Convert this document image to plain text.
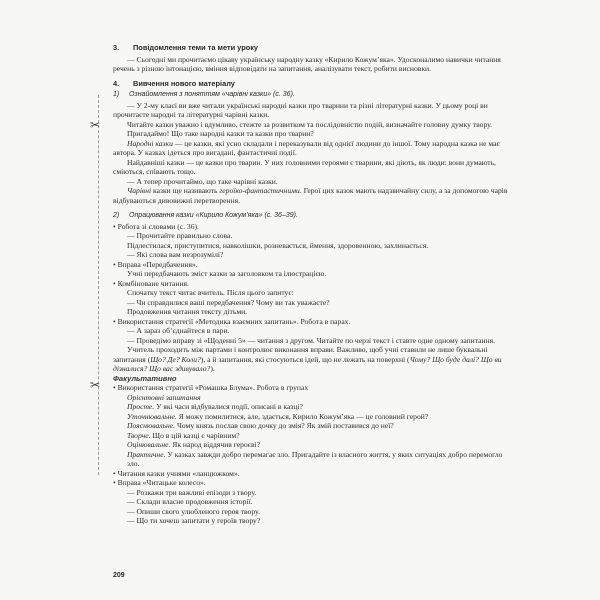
✂
✂

3. Повідомлення теми та мети уроку

— Сьогодні ми прочитаємо цікаву українську народну казку «Кирило Кожум’яка». Удосконалимо навички читання речень з різною інтонацією, вміння відповідати на запитання, аналізувати текст, робити висновки.

4. Вивчення нового матеріалу

1) Ознайомлення з поняттям «чарівні казки» (с. 36).

— У 2-му класі ви вже читали українські народні казки про тварини та різні літературні казки. У цьому році ви прочитаєте народні та літературні чарівні казки.

Читайте казки уважно і вдумливо, стежте за розвитком та послідовністю подій, визначайте головну думку твору.

Пригадаймо! Що таке народні казки та казки про тварин?

Народні казки — це казки, які усно складали і переказували від однієї людини до іншої. Тому народна казка не має автора. У казках ідеться про вигадані, фантастичні події.

Найдавніші казки — це казки про тварин. У них головними героями є тварини, які діють, як люди: вони думають, сміються, співають тощо.

— А тепер прочитаймо, що таке чарівні казки.

Чарівні казки ще називають героїко-фантастичними. Герої цих казок мають надзвичайну силу, а за допомогою чарів відбуваються дивовижні перетворення.

2) Опрацювання казки «Кирило Кожум’яка» (с. 36–39).

• Робота зі словами (с. 36).

— Прочитайте правильно слова.

Підлестилася, приступитися, навколішки, розневається, ймення, здоровенною, захлинається.

— Які слова вам незрозумілі?

• Вправа «Передбачення».

Учні передбачають зміст казки за заголовком та ілюстрацією.

• Комбіноване читання.

Спочатку текст читає вчитель. Після цього запитує:

— Чи справдилися ваші передбачення? Чому ви так уважаєте?

Продовження читання тексту дітьми.

• Використання стратегії «Методика взаємних запитань». Робота в парах.

— А зараз об’єднайтеся в пари.

— Проведімо вправу зі «Щоденні 5» — читання з другом. Читайте по черзі текст і ставте одне одному запитання.

Учитель проходить між партами і контролює виконання вправи. Важливо, щоб учні ставили не лише буквальні запитання (Що? Де? Коли?), а й запитання, які стосуються ідей, що не лежать на поверхні (Чому? Що буде далі? Що ви дізналися? Що вас здивувало?).

Факультативно

• Використання стратегії «Ромашка Блума». Робота в групах

Орієнтовні запитання

Просте. У які часи відбувалися події, описані в казці?

Уточнювальне. Я можу помилитися, але, здається, Кирило Кожум’яка — це головний герой?

Пояснювальне. Чому князь послав свою дочку до змія? Як змій поставився до неї?

Творче. Що в цій казці є чарівним?

Оцінювальне. Як народ віддячив героєві?

Практичне. У казках завжди добро перемагає зло. Пригадайте із власного життя, у яких ситуаціях добро перемогло зло.

• Читання казки учнями «ланцюжком».

• Вправа «Читацьке колесо».

— Розкажи три важливі епізоди з твору.

— Склади власне продовження історії.

— Опиши свого улюбленого героя твору.

— Що ти хочеш запитати у героїв твору?

209
